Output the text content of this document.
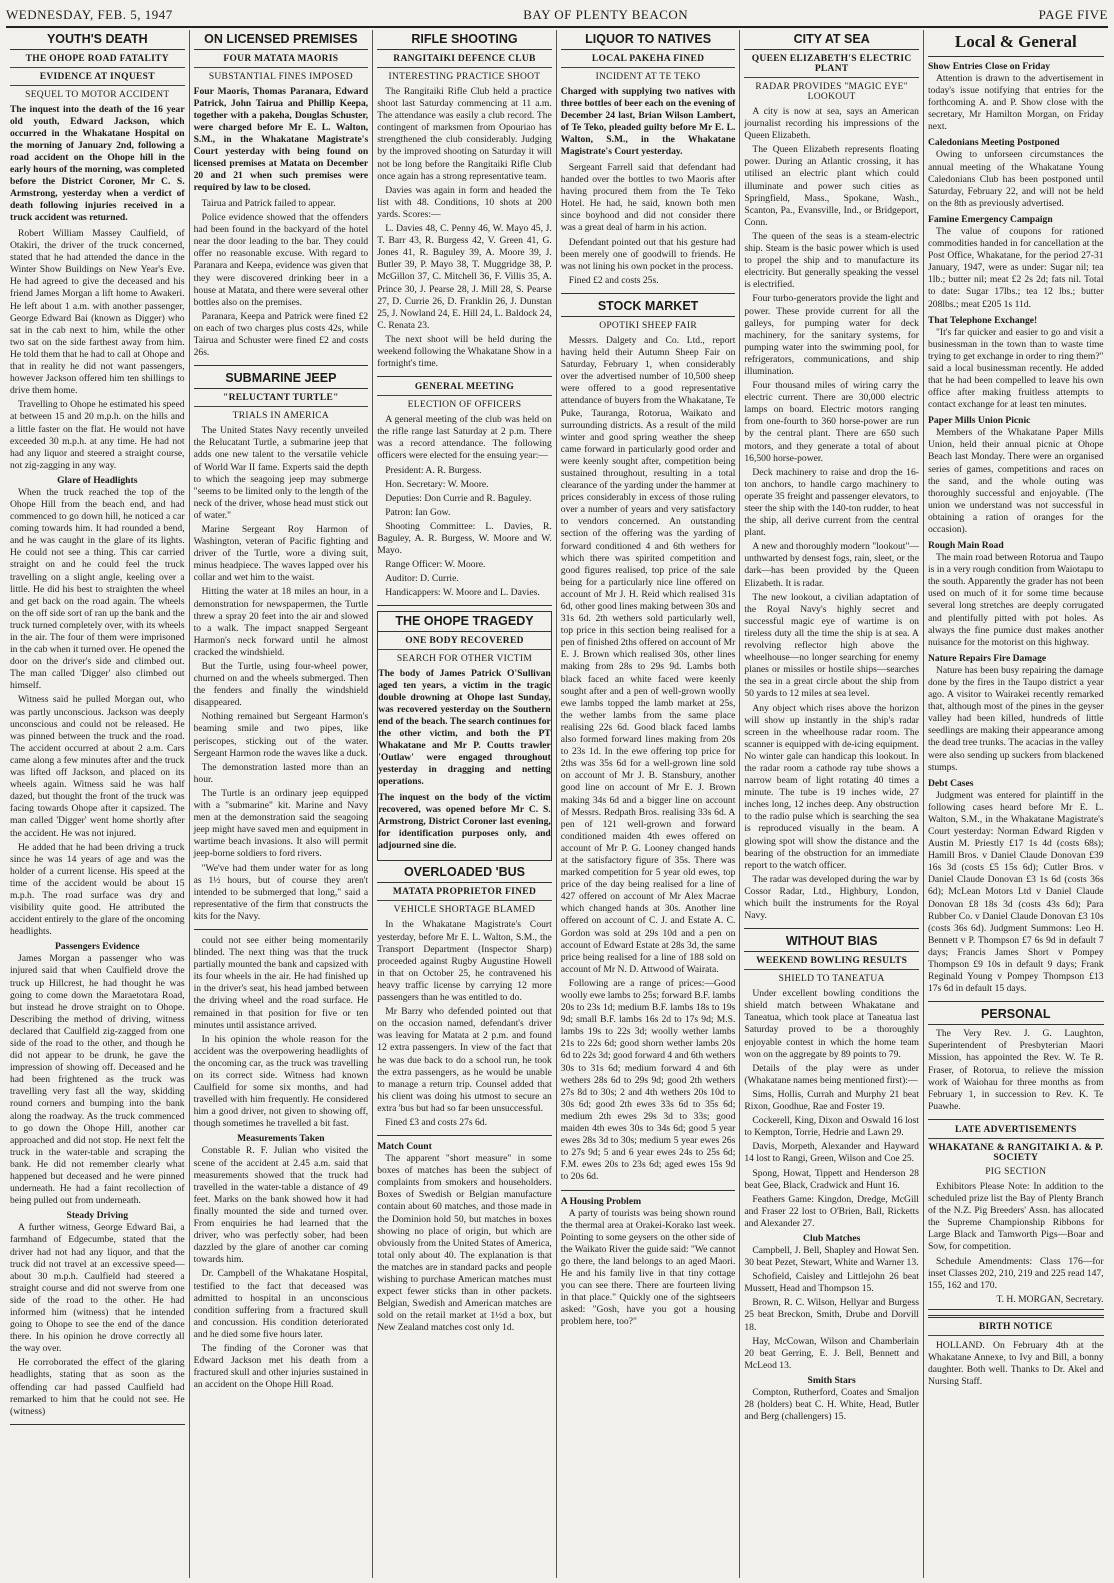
WEDNESDAY, FEB. 5, 1947	BAY OF PLENTY BEACON	PAGE FIVE
YOUTH'S DEATH
THE OHOPE ROAD FATALITY
EVIDENCE AT INQUEST
SEQUEL TO MOTOR ACCIDENT

The inquest into the death of the 16 year old youth, Edward Jackson, which occurred in the Whakatane Hospital on the morning of January 2nd, following a road accident on the Ohope hill in the early hours of the morning, was completed before the District Coroner, Mr C. S. Armstrong, yesterday when a verdict of death following injuries received in a truck accident was returned.

Robert William Massey Caulfield, of Otakiri, the driver of the truck concerned, stated that he had attended the dance in the Winter Show Buildings on New Year's Eve. He had agreed to give the deceased and his friend James Morgan a lift home to Awakeri. He left about 1 a.m. with another passenger, George Edward Bai (known as Digger) who sat in the cab next to him, while the other two sat on the side farthest away from him. He told them that he had to call at Ohope and that in reality he did not want passengers, however Jackson offered him ten shillings to drive them home.

Travelling to Ohope he estimated his speed at between 15 and 20 m.p.h. on the hills and a little faster on the flat. He would not have exceeded 30 m.p.h. at any time. He had not had any liquor and steered a straight course, not zig-zagging in any way.

Glare of Headlights

When the truck reached the top of the Ohope Hill from the beach end, and had commenced to go down hill, he noticed a car coming towards him. It had rounded a bend, and he was caught in the glare of its lights. He could not see a thing. This car carried straight on and he could feel the truck travelling on a slight angle, keeling over a little. He did his best to straighten the wheel and get back on the road again. The wheels on the off side sort of ran up the bank and the truck turned completely over, with its wheels in the air. The four of them were imprisoned in the cab when it turned over. He opened the door on the driver's side and climbed out. The man called 'Digger' also climbed out himself.

Witness said he pulled Morgan out, who was partly unconscious. Jackson was deeply unconscious and could not be released. He was pinned between the truck and the road. The accident occurred at about 2 a.m. Cars came along a few minutes after and the truck was lifted off Jackson, and placed on its wheels again. Witness said he was half dazed, but thought the front of the truck was facing towards Ohope after it capsized. The man called 'Digger' went home shortly after the accident. He was not injured.

He added that he had been driving a truck since he was 14 years of age and was the holder of a current license. His speed at the time of the accident would be about 15 m.p.h. The road surface was dry and visibility quite good. He attributed the accident entirely to the glare of the oncoming headlights.

Passengers Evidence

James Morgan a passenger who was injured said that when Caulfield drove the truck up Hillcrest, he had thought he was going to come down the Maraetotara Road, but instead he drove straight on to Ohope. Describing the method of driving, witness declared that Caulfield zig-zagged from one side of the road to the other, and though he did not appear to be drunk, he gave the impression of showing off. Deceased and he had been frightened as the truck was travelling very fast all the way, skidding round corners and bumping into the bank along the roadway. As the truck commenced to go down the Ohope Hill, another car approached and did not stop. He next felt the truck in the water-table and scraping the bank. He did not remember clearly what happened but deceased and he were pinned underneath. He had a faint recollection of being pulled out from underneath.

Steady Driving

A further witness, George Edward Bai, a farmhand of Edgecumbe, stated that the driver had not had any liquor, and that the truck did not travel at an excessive speed—about 30 m.p.h. Caulfield had steered a straight course and did not swerve from one side of the road to the other. He had informed him (witness) that he intended going to Ohope to see the end of the dance there. In his opinion he drove correctly all the way over.

He corroborated the effect of the glaring headlights, stating that as soon as the offending car had passed Caulfield had remarked to him that he could not see. He (witness)

ON LICENSED PREMISES
FOUR MATATA MAORIS
SUBSTANTIAL FINES IMPOSED

Four Maoris, Thomas Paranara, Edward Patrick, John Tairua and Phillip Keepa, together with a pakeha, Douglas Schuster, were charged before Mr E. L. Walton, S.M., in the Whakatane Magistrate's Court yesterday with being found on licensed premises at Matata on December 20 and 21 when such premises were required by law to be closed.

Tairua and Patrick failed to appear.

Police evidence showed that the offenders had been found in the backyard of the hotel near the door leading to the bar. They could offer no reasonable excuse. With regard to Paranara and Keepa, evidence was given that they were discovered drinking beer in a house at Matata, and there were several other bottles also on the premises.

Paranara, Keepa and Patrick were fined £2 on each of two charges plus costs 42s, while Tairua and Schuster were fined £2 and costs 26s.

SUBMARINE JEEP
"RELUCTANT TURTLE"
TRIALS IN AMERICA

The United States Navy recently unveiled the Relucatant Turtle, a submarine jeep that adds one new talent to the versatile vehicle of World War II fame. Experts said the depth to which the seagoing jeep may submerge "seems to be limited only to the length of the neck of the driver, whose head must stick out of water."

Marine Sergeant Roy Harmon of Washington, veteran of Pacific fighting and driver of the Turtle, wore a diving suit, minus headpiece. The waves lapped over his collar and wet him to the waist.

Hitting the water at 18 miles an hour, in a demonstration for newspapermen, the Turtle threw a spray 20 feet into the air and slowed to a walk. The impact snapped Sergeant Harmon's neck forward until he almost cracked the windshield.

But the Turtle, using four-wheel power, churned on and the wheels submerged. Then the fenders and finally the windshield disappeared.

Nothing remained but Sergeant Harmon's beaming smile and two pipes, like periscopes, sticking out of the water. Sergeant Harmon rode the waves like a duck.

The demonstration lasted more than an hour.

The Turtle is an ordinary jeep equipped with a "submarine" kit. Marine and Navy men at the demonstration said the seagoing jeep might have saved men and equipment in wartime beach invasions. It also will permit jeep-borne soldiers to ford rivers.

"We've had them under water for as long as 1½ hours, but of course they aren't intended to be submerged that long," said a representative of the firm that constructs the kits for the Navy.

could not see either being momentarily blinded. The next thing was that the truck partially mounted the bank and capsized with its four wheels in the air. He had finished up in the driver's seat, his head jambed between the driving wheel and the road surface. He remained in that position for five or ten minutes until assistance arrived.

In his opinion the whole reason for the accident was the overpowering headlights of the oncoming car, as the truck was travelling on its correct side. Witness had known Caulfield for some six months, and had travelled with him frequently. He considered him a good driver, not given to showing off, though sometimes he travelled a bit fast.

Measurements Taken

Constable R. F. Julian who visited the scene of the accident at 2.45 a.m. said that measurements showed that the truck had travelled in the water-table a distance of 49 feet. Marks on the bank showed how it had finally mounted the side and turned over. From enquiries he had learned that the driver, who was perfectly sober, had been dazzled by the glare of another car coming towards him.

Dr. Campbell of the Whakatane Hospital, testified to the fact that deceased was admitted to hospital in an unconscious condition suffering from a fractured skull and concussion. His condition deteriorated and he died some five hours later.

The finding of the Coroner was that Edward Jackson met his death from a fractured skull and other injuries sustained in an accident on the Ohope Hill Road.

RIFLE SHOOTING
RANGITAIKI DEFENCE CLUB
INTERESTING PRACTICE SHOOT

The Rangitaiki Rifle Club held a practice shoot last Saturday commencing at 11 a.m. The attendance was easily a club record. The contingent of marksmen from Opouriao has strengthened the club considerably. Judging by the improved shooting on Saturday it will not be long before the Rangitaiki Rifle Club once again has a strong representative team.

Davies was again in form and headed the list with 48. Conditions, 10 shots at 200 yards. Scores:—

L. Davies 48, C. Penny 46, W. Mayo 45, J. T. Barr 43, R. Burgess 42, V. Green 41, G. Jones 41, R. Baguley 39, A. Moore 39, J. Butler 39, P. Mayo 38, T. Muggridge 38, P. McGillon 37, C. Mitchell 36, F. Villis 35, A. Prince 30, J. Pearse 28, J. Mill 28, S. Pearse 27, D. Currie 26, D. Franklin 26, J. Dunstan 25, J. Nowland 24, E. Hill 24, L. Baldock 24, C. Renata 23.

The next shoot will be held during the weekend following the Whakatane Show in a fortnight's time.

GENERAL MEETING
ELECTION OF OFFICERS

A general meeting of the club was held on the rifle range last Saturday at 2 p.m. There was a record attendance. The following officers were elected for the ensuing year:—

President: A. R. Burgess.

Hon. Secretary: W. Moore.

Deputies: Don Currie and R. Baguley.

Patron: Ian Gow.

Shooting Committee: L. Davies, R. Baguley, A. R. Burgess, W. Moore and W. Mayo.

Range Officer: W. Moore.

Auditor: D. Currie.

Handicappers: W. Moore and L. Davies.

THE OHOPE TRAGEDY
ONE BODY RECOVERED
SEARCH FOR OTHER VICTIM

The body of James Patrick O'Sullivan aged ten years, a victim in the tragic double drowning at Ohope last Sunday, was recovered yesterday on the Southern end of the beach. The search continues for the other victim, and both the PT Whakatane and Mr P. Coutts trawler 'Outlaw' were engaged throughout yesterday in dragging and netting operations.

The inquest on the body of the victim recovered, was opened before Mr C. S. Armstrong, District Coroner last evening, for identification purposes only, and adjourned sine die.

OVERLOADED 'BUS
MATATA PROPRIETOR FINED
VEHICLE SHORTAGE BLAMED

In the Whakatane Magistrate's Court yesterday, before Mr E. L. Walton, S.M., the Transport Department (Inspector Sharp) proceeded against Rugby Augustine Howell in that on October 25, he contravened his heavy traffic license by carrying 12 more passengers than he was entitled to do.

Mr Barry who defended pointed out that on the occasion named, defendant's driver was leaving for Matata at 2 p.m. and found 12 extra passengers. In view of the fact that he was due back to do a school run, he took the extra passengers, as he would be unable to manage a return trip. Counsel added that his client was doing his utmost to secure an extra 'bus but had so far been unsuccessful.

Fined £3 and costs 27s 6d.

Match Count

The apparent "short measure" in some boxes of matches has been the subject of complaints from smokers and householders. Boxes of Swedish or Belgian manufacture contain about 60 matches, and those made in the Dominion hold 50, but matches in boxes showing no place of origin, but which are obviously from the United States of America, total only about 40. The explanation is that the matches are in standard packs and people wishing to purchase American matches must expect fewer sticks than in other packets. Belgian, Swedish and American matches are sold on the retail market at 1½d a box, but New Zealand matches cost only 1d.

LIQUOR TO NATIVES
LOCAL PAKEHA FINED
INCIDENT AT TE TEKO

Charged with supplying two natives with three bottles of beer each on the evening of December 24 last, Brian Wilson Lambert, of Te Teko, pleaded guilty before Mr E. L. Walton, S.M., in the Whakatane Magistrate's Court yesterday.

Sergeant Farrell said that defendant had handed over the bottles to two Maoris after having procured them from the Te Teko Hotel. He had, he said, known both men since boyhood and did not consider there was a great deal of harm in his action.

Defendant pointed out that his gesture had been merely one of goodwill to friends. He was not lining his own pocket in the process.

Fined £2 and costs 25s.

STOCK MARKET
OPOTIKI SHEEP FAIR

Messrs. Dalgety and Co. Ltd., report having held their Autumn Sheep Fair on Saturday, February 1, when considerably over the advertised number of 10,500 sheep were offered to a good representative attendance of buyers from the Whakatane, Te Puke, Tauranga, Rotorua, Waikato and surrounding districts. As a result of the mild winter and good spring weather the sheep came forward in particularly good order and were keenly sought after, competition being sustained throughout, resulting in a total clearance of the yarding under the hammer at prices considerably in excess of those ruling over a number of years and very satisfactory to vendors concerned. An outstanding section of the offering was the yarding of forward conditioned 4 and 6th wethers for which there was spirited competition and good figures realised, top price of the sale being for a particularly nice line offered on account of Mr J. H. Reid which realised 31s 6d, other good lines making between 30s and 31s 6d. 2th wethers sold particularly well, top price in this section being realised for a pen of finished 2ths offered on account of Mr E. J. Brown which realised 30s, other lines making from 28s to 29s 9d. Lambs both black faced an white faced were keenly sought after and a pen of well-grown woolly ewe lambs topped the lamb market at 25s, the wether lambs from the same place realising 22s 6d. Good black faced lambs also formed forward lines making from 20s to 23s 1d. In the ewe offering top price for 2ths was 35s 6d for a well-grown line sold on account of Mr J. B. Stansbury, another good line on account of Mr E. J. Brown making 34s 6d and a bigger line on account of Messrs. Redpath Bros. realising 33s 6d. A pen of 121 well-grown and forward conditioned maiden 4th ewes offered on account of Mr P. G. Looney changed hands at the satisfactory figure of 35s. There was marked competition for 5 year old ewes, top price of the day being realised for a line of 427 offered on account of Mr Alex Macrae which changed hands at 30s. Another line offered on account of C. J. and Estate A. C. Gordon was sold at 29s 10d and a pen on account of Edward Estate at 28s 3d, the same price being realised for a line of 188 sold on account of Mr N. D. Attwood of Wairata.

Following are a range of prices:—Good woolly ewe lambs to 25s; forward B.F. lambs 20s to 23s 1d; medium B.F. lambs 18s to 19s 9d; small B.F. lambs 16s 2d to 17s 9d; M.S. lambs 19s to 22s 3d; woolly wether lambs 21s to 22s 6d; good shorn wether lambs 20s 6d to 22s 3d; good forward 4 and 6th wethers 30s to 31s 6d; medium forward 4 and 6th wethers 28s 6d to 29s 9d; good 2th wethers 27s 8d to 30s; 2 and 4th wethers 20s 10d to 30s 6d; good 2th ewes 33s 6d to 35s 6d; medium 2th ewes 29s 3d to 33s; good maiden 4th ewes 30s to 34s 6d; good 5 year ewes 28s 3d to 30s; medium 5 year ewes 26s to 27s 9d; 5 and 6 year ewes 24s to 25s 6d; F.M. ewes 20s to 23s 6d; aged ewes 15s 9d to 20s 6d.

A Housing Problem

A party of tourists was being shown round the thermal area at Orakei-Korako last week. Pointing to some geysers on the other side of the Waikato River the guide said: "We cannot go there, the land belongs to an aged Maori. He and his family live in that tiny cottage you can see there. There are fourteen living in that place." Quickly one of the sightseers asked: "Gosh, have you got a housing problem here, too?"

CITY AT SEA
QUEEN ELIZABETH'S ELECTRIC PLANT
RADAR PROVIDES "MAGIC EYE" LOOKOUT

A city is now at sea, says an American journalist recording his impressions of the Queen Elizabeth.

The Queen Elizabeth represents floating power. During an Atlantic crossing, it has utilised an electric plant which could illuminate and power such cities as Springfield, Mass., Spokane, Wash., Scanton, Pa., Evansville, Ind., or Bridgeport, Conn.

The queen of the seas is a steam-electric ship. Steam is the basic power which is used to propel the ship and to manufacture its electricity. But generally speaking the vessel is electrified.

Four turbo-generators provide the light and power. These provide current for all the galleys, for pumping water for deck machinery, for the sanitary systems, for pumping water into the swimming pool, for refrigerators, communications, and ship illumination.

Four thousand miles of wiring carry the electric current. There are 30,000 electric lamps on board. Electric motors ranging from one-fourth to 360 horse-power are run by the central plant. There are 650 such motors, and they generate a total of about 16,500 horse-power.

Deck machinery to raise and drop the 16-ton anchors, to handle cargo machinery to operate 35 freight and passenger elevators, to steer the ship with the 140-ton rudder, to heat the ship, all derive current from the central plant.

A new and thoroughly modern "lookout"—unthwarted by densest fogs, rain, sleet, or the dark—has been provided by the Queen Elizabeth. It is radar.

The new lookout, a civilian adaptation of the Royal Navy's highly secret and successful magic eye of wartime is on tireless duty all the time the ship is at sea. A revolving reflector high above the wheelhouse—no longer searching for enemy planes or missiles or hostile ships—searches the sea in a great circle about the ship from 50 yards to 12 miles at sea level.

Any object which rises above the horizon will show up instantly in the ship's radar screen in the wheelhouse radar room. The scanner is equipped with de-icing equipment. No winter gale can handicap this lookout. In the radar room a cathode ray tube shows a narrow beam of light rotating 40 times a minute. The tube is 19 inches wide, 27 inches long, 12 inches deep. Any obstruction to the radio pulse which is searching the sea is reproduced visually in the beam. A glowing spot will show the distance and the bearing of the obstruction for an immediate report to the watch officer.

The radar was developed during the war by Cossor Radar, Ltd., Highbury, London, which built the instruments for the Royal Navy.

WITHOUT BIAS
WEEKEND BOWLING RESULTS
SHIELD TO TANEATUA

Under excellent bowling conditions the shield match between Whakatane and Taneatua, which took place at Taneatua last Saturday proved to be a thoroughly enjoyable contest in which the home team won on the aggregate by 89 points to 79.

Details of the play were as under (Whakatane names being mentioned first):—

Sims, Hollis, Currah and Murphy 21 beat Rixon, Goodhue, Rae and Foster 19.

Cockerell, King, Dixon and Oswald 16 lost to Kempton, Torrie, Hedrie and Lawn 29.

Davis, Morpeth, Alexander and Hayward 14 lost to Rangi, Green, Wilson and Coe 25.

Spong, Howat, Tippett and Henderson 28 beat Gee, Black, Cradwick and Hunt 16.

Feathers Game: Kingdon, Dredge, McGill and Fraser 22 lost to O'Brien, Ball, Ricketts and Alexander 27.

Club Matches

Campbell, J. Bell, Shapley and Howat Sen. 30 beat Pezet, Stewart, White and Warner 13.

Schofield, Caisley and Littlejohn 26 beat Mussett, Head and Thompson 15.

Brown, R. C. Wilson, Hellyar and Burgess 25 beat Breckon, Smith, Drube and Dorvill 18.

Hay, McCowan, Wilson and Chamberlain 20 beat Gerring, E. J. Bell, Bennett and McLeod 13.

Smith Stars

Compton, Rutherford, Coates and Smaljon 28 (holders) beat C. H. White, Head, Butler and Berg (challengers) 15.

Local & General
Show Entries Close on Friday

Attention is drawn to the advertisement in today's issue notifying that entries for the forthcoming A. and P. Show close with the secretary, Mr Hamilton Morgan, on Friday next.

Caledonians Meeting Postponed

Owing to unforseen circumstances the annual meeting of the Whakatane Young Caledonians Club has been postponed until Saturday, February 22, and will not be held on the 8th as previously advertised.

Famine Emergency Campaign

The value of coupons for rationed commodities handed in for cancellation at the Post Office, Whakatane, for the period 27-31 January, 1947, were as under: Sugar nil; tea 1lb.; butter nil; meat £2 2s 2d; fats nil. Total to date: Sugar 17lbs.; tea 12 lbs.; butter 208lbs.; meat £205 1s 11d.

That Telephone Exchange!

"It's far quicker and easier to go and visit a businessman in the town than to waste time trying to get exchange in order to ring them?" said a local businessman recently. He added that he had been compelled to leave his own office after making fruitless attempts to contact exchange for at least ten minutes.

Paper Mills Union Picnic

Members of the Whakatane Paper Mills Union, held their annual picnic at Ohope Beach last Monday. There were an organised series of games, competitions and races on the sand, and the whole outing was thoroughly successful and enjoyable. (The union we understand was not successful in obtaining a ration of oranges for the occasion).

Rough Main Road

The main road between Rotorua and Taupo is in a very rough condition from Waiotapu to the south. Apparently the grader has not been used on much of it for some time because several long stretches are deeply corrugated and plentifully pitted with pot holes. As always the fine pumice dust makes another nuisance for the motorist on this highway.

Nature Repairs Fire Damage

Nature has been busy repairing the damage done by the fires in the Taupo district a year ago. A visitor to Wairakei recently remarked that, although most of the pines in the geyser valley had been killed, hundreds of little seedlings are making their appearance among the dead tree trunks. The acacias in the valley were also sending up suckers from blackened stumps.

Debt Cases

Judgment was entered for plaintiff in the following cases heard before Mr E. L. Walton, S.M., in the Whakatane Magistrate's Court yesterday: Norman Edward Rigden v Austin M. Priestly £17 1s 4d (costs 68s); Hamill Bros. v Daniel Claude Donovan £39 16s 3d (costs £5 15s 6d); Cutler Bros. v Daniel Claude Donovan £3 1s 6d (costs 36s 6d); McLean Motors Ltd v Daniel Claude Donovan £8 18s 3d (costs 43s 6d); Para Rubber Co. v Daniel Claude Donovan £3 10s (costs 36s 6d). Judgment Summons: Leo H. Bennett v P. Thompson £7 6s 9d in default 7 days; Francis James Short v Pompey Thompson £9 10s in default 9 days; Frank Reginald Young v Pompey Thompson £13 17s 6d in default 15 days.

PERSONAL

The Very Rev. J. G. Laughton, Superintendent of Presbyterian Maori Mission, has appointed the Rev. W. Te R. Fraser, of Rotorua, to relieve the mission work of Waiohau for three months as from February 1, in succession to Rev. K. Te Puawhe.

LATE ADVERTISEMENTS
WHAKATANE & RANGITAIKI A. & P. SOCIETY
PIG SECTION

Exhibitors Please Note: In addition to the scheduled prize list the Bay of Plenty Branch of the N.Z. Pig Breeders' Assn. has allocated the Supreme Championship Ribbons for Large Black and Tamworth Pigs—Boar and Sow, for competition.

Schedule Amendments: Class 176—for inset Classes 202, 210, 219 and 225 read 147, 155, 162 and 170.

T. H. MORGAN, Secretary.
BIRTH NOTICE

HOLLAND. On February 4th at the Whakatane Annexe, to Ivy and Bill, a bonny daughter. Both well. Thanks to Dr. Akel and Nursing Staff.
